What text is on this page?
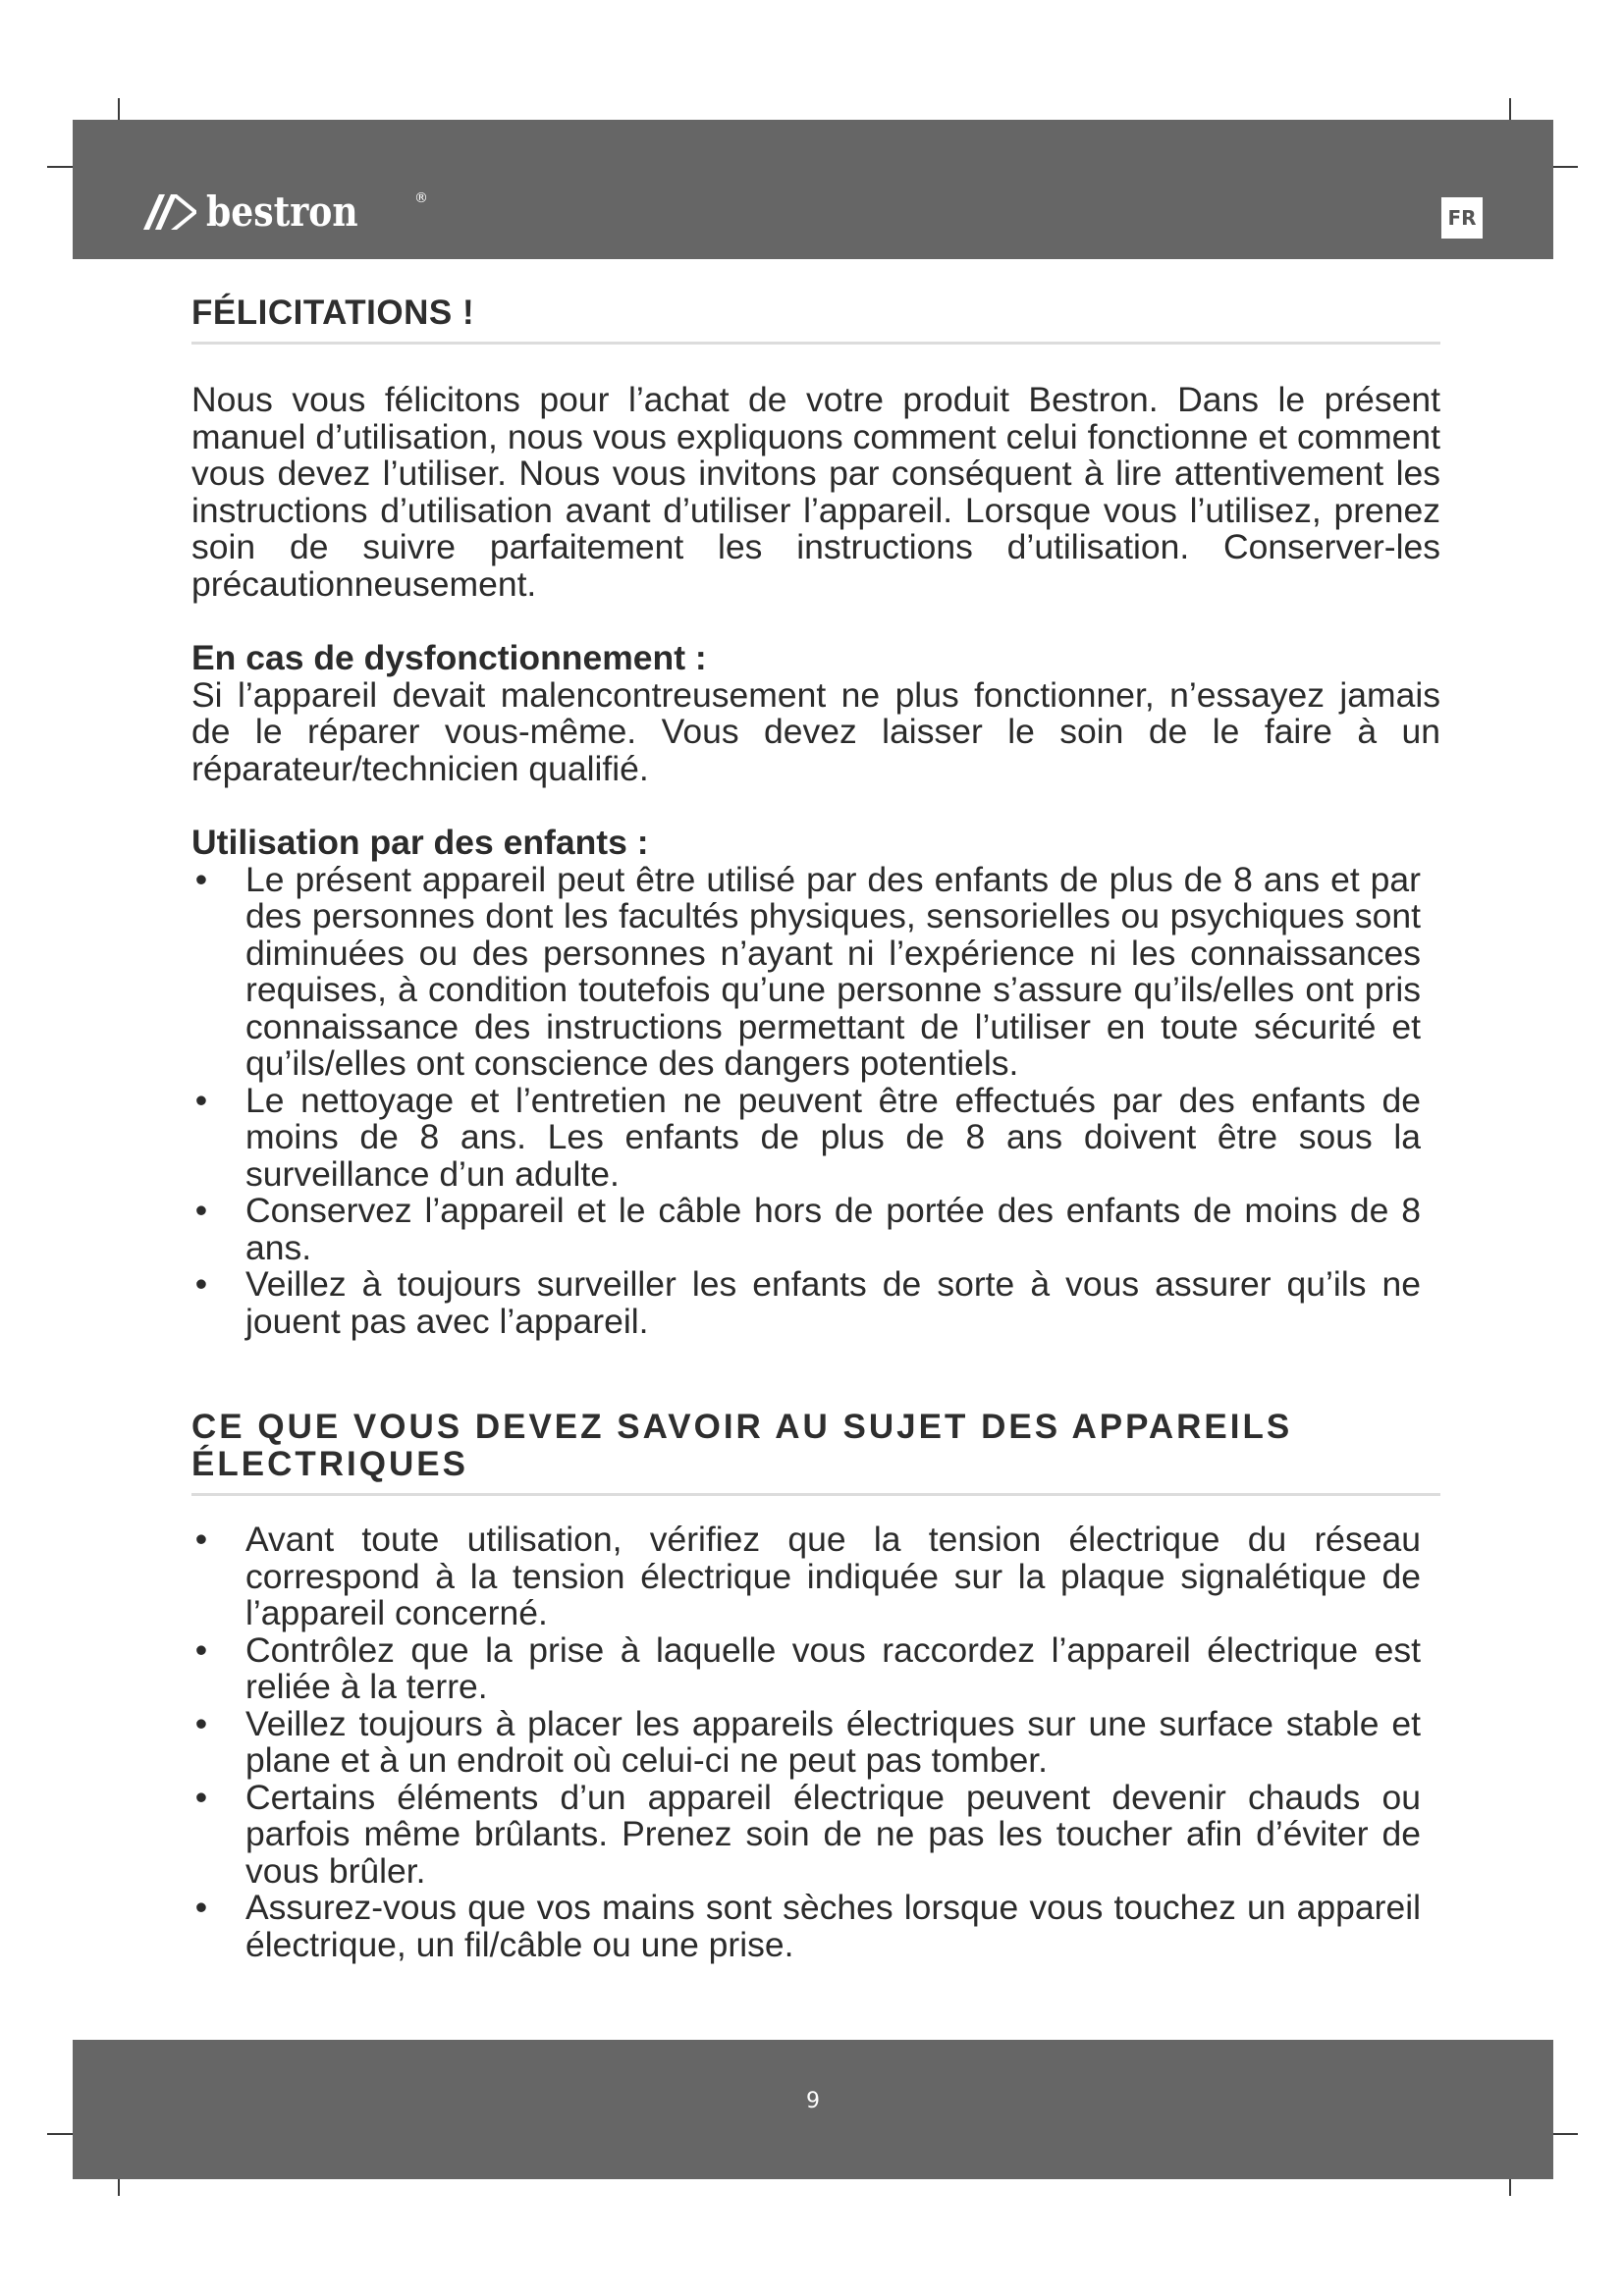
bestron	®
FR
FÉLICITATIONS !

Nous vous félicitons pour l’achat de votre produit Bestron. Dans le présent manuel d’utilisation, nous vous expliquons comment celui fonctionne et comment vous devez l’utiliser. Nous vous invitons par conséquent à lire attentivement les instructions d’utilisation avant d’utiliser l’appareil. Lorsque vous l’utilisez, prenez soin de suivre parfaitement les instructions d’utilisation. Conserver-les précautionneusement.

En cas de dysfonctionnement :

Si l’appareil devait malencontreusement ne plus fonctionner, n’essayez jamais de le réparer vous-même. Vous devez laisser le soin de le faire à un réparateur/technicien qualifié.

Utilisation par des enfants :

• Le présent appareil peut être utilisé par des enfants de plus de 8 ans et par des personnes dont les facultés physiques, sensorielles ou psychiques sont diminuées ou des personnes n’ayant ni l’expérience ni les connaissances requises, à condition toutefois qu’une personne s’assure qu’ils/elles ont pris connaissance des instructions permettant de l’utiliser en toute sécurité et qu’ils/elles ont conscience des dangers potentiels.
• Le nettoyage et l’entretien ne peuvent être effectués par des enfants de moins de 8 ans. Les enfants de plus de 8 ans doivent être sous la surveillance d’un adulte.
• Conservez l’appareil et le câble hors de portée des enfants de moins de 8 ans.
• Veillez à toujours surveiller les enfants de sorte à vous assurer qu’ils ne jouent pas avec l’appareil.
CE QUE VOUS DEVEZ SAVOIR AU SUJET DES APPAREILS ÉLECTRIQUES
• Avant toute utilisation, vérifiez que la tension électrique du réseau correspond à la tension électrique indiquée sur la plaque signalétique de l’appareil concerné.
• Contrôlez que la prise à laquelle vous raccordez l’appareil électrique est reliée à la terre.
• Veillez toujours à placer les appareils électriques sur une surface stable et plane et à un endroit où celui-ci ne peut pas tomber.
• Certains éléments d’un appareil électrique peuvent devenir chauds ou parfois même brûlants. Prenez soin de ne pas les toucher afin d’éviter de vous brûler.
• Assurez-vous que vos mains sont sèches lorsque vous touchez un appareil électrique, un fil/câble ou une prise.
9
